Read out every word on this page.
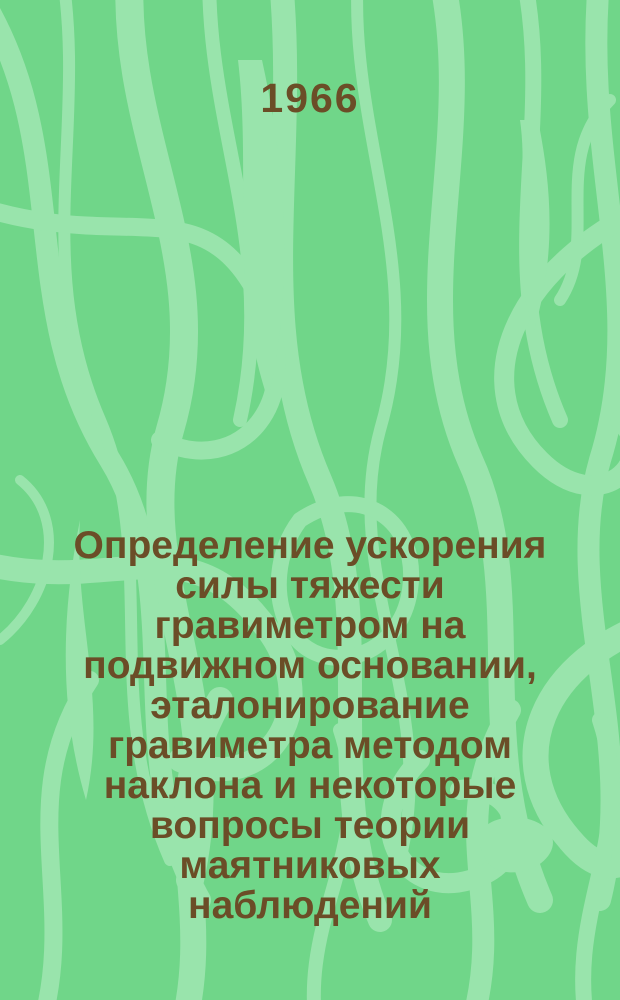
1966
Определение ускорения
силы тяжести
гравиметром на
подвижном основании,
эталонирование
гравиметра методом
наклона и некоторые
вопросы теории
маятниковых
наблюдений
